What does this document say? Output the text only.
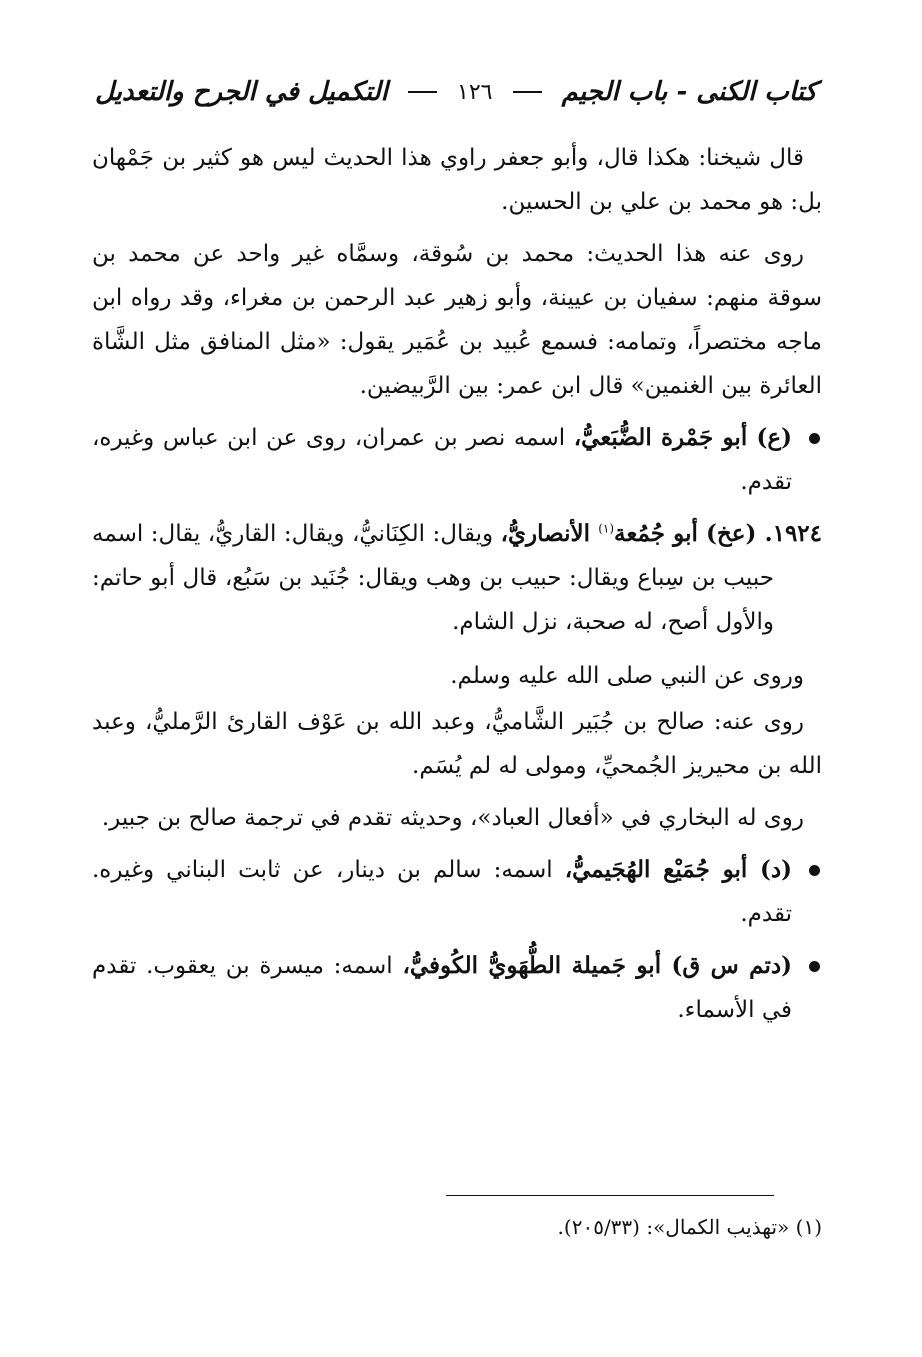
كتاب الكنى - باب الجيم
١٢٦
التكميل في الجرح والتعديل

قال شيخنا: هكذا قال، وأبو جعفر راوي هذا الحديث ليس هو كثير بن جَمْهان بل: هو محمد بن علي بن الحسين.

روى عنه هذا الحديث: محمد بن سُوقة، وسمَّاه غير واحد عن محمد بن سوقة منهم: سفيان بن عيينة، وأبو زهير عبد الرحمن بن مغراء، وقد رواه ابن ماجه مختصراً، وتمامه: فسمع عُبيد بن عُمَير يقول: «مثل المنافق مثل الشَّاة العائرة بين الغنمين» قال ابن عمر: بين الرَّبيضين.

(ع) أبو جَمْرة الضُّبَعيُّ، اسمه نصر بن عمران، روى عن ابن عباس وغيره، تقدم.
١٩٢٤. (عخ) أبو جُمُعة$^{(١)}$ الأنصاريُّ، ويقال: الكِنَانيُّ، ويقال: القاريُّ، يقال: اسمه حبيب بن سِباع ويقال: حبيب بن وهب ويقال: جُنَيد بن سَبُع، قال أبو حاتم: والأول أصح، له صحبة، نزل الشام.

وروى عن النبي صلى الله عليه وسلم.

روى عنه: صالح بن جُبَير الشَّاميُّ، وعبد الله بن عَوْف القارئ الرَّمليُّ، وعبد الله بن محيريز الجُمحيِّ، ومولى له لم يُسَم.

روى له البخاري في «أفعال العباد»، وحديثه تقدم في ترجمة صالح بن جبير.

(د) أبو جُمَيْع الهُجَيميُّ، اسمه: سالم بن دينار، عن ثابت البناني وغيره. تقدم.
(دتم س ق) أبو جَميلة الطُّهَويُّ الكُوفيُّ، اسمه: ميسرة بن يعقوب. تقدم في الأسماء.
(١) «تهذيب الكمال»: (٢٠٥/٣٣).
